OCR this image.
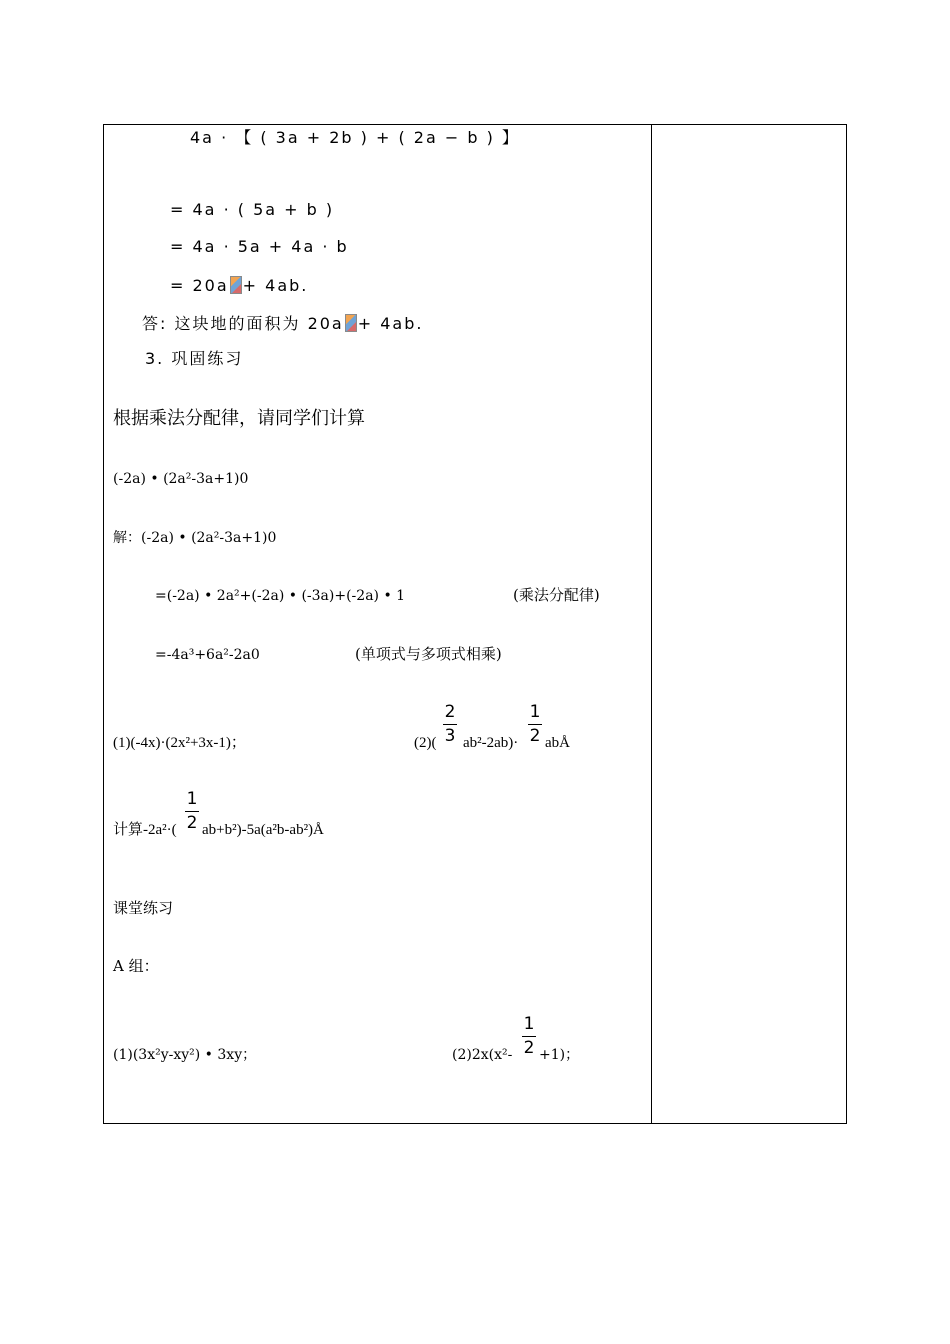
4a · 【 ( 3a + 2b ) + ( 2a − b ) 】
= 4a · ( 5a + b )
= 4a · 5a + 4a · b
= 20a + 4ab.
答: 这块地的面积为 20a + 4ab.
3. 巩固练习
根据乘法分配律，请同学们计算
(-2a) • (2a²-3a+1)0
解：(-2a) • (2a²-3a+1)0
=(-2a) • 2a²+(-2a) • (-3a)+(-2a) • 1	(乘法分配律)
=-4a³+6a²-2a0	(单项式与多项式相乘)
(1)(-4x)·(2x²+3x-1)；	(2)(
2
3 ab²-2ab)·
1
2 abÅ
计算-2a²·(
1
2 ab+b²)-5a(a²b-ab²)Å
课堂练习
A 组：
(1)(3x²y-xy²) • 3xy；	(2)2x(x²-
1
2 +1)；
